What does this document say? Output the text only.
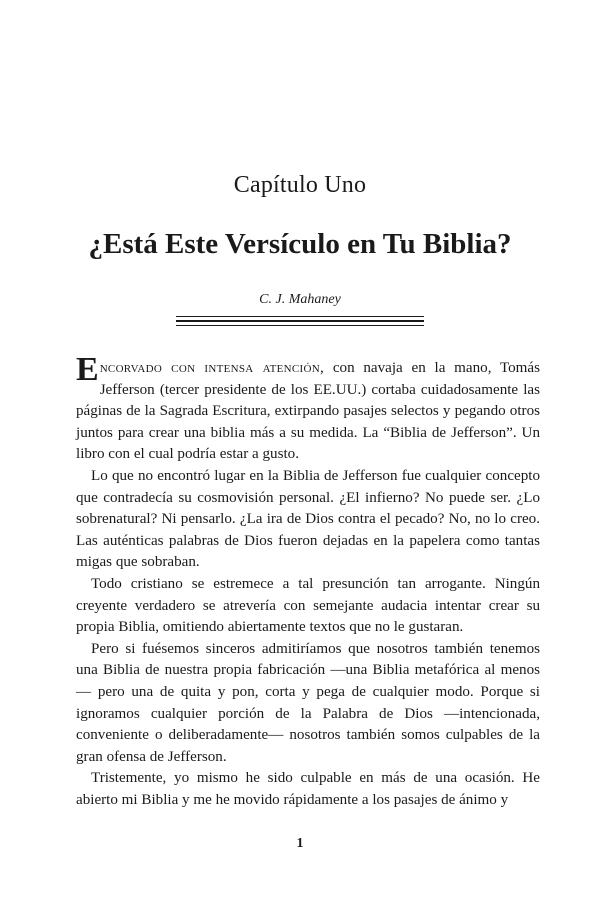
Capítulo Uno
¿Está Este Versículo en Tu Biblia?
C. J. Mahaney

Encorvado con intensa atención, con navaja en la mano, Tomás Jefferson (tercer presidente de los EE.UU.) cortaba cuidadosamente las páginas de la Sagrada Escritura, extirpando pasajes selectos y pegando otros juntos para crear una biblia más a su medida. La “Biblia de Jefferson”. Un libro con el cual podría estar a gusto.

Lo que no encontró lugar en la Biblia de Jefferson fue cualquier concepto que contradecía su cosmovisión personal. ¿El infierno? No puede ser. ¿Lo sobrenatural? Ni pensarlo. ¿La ira de Dios contra el pecado? No, no lo creo. Las auténticas palabras de Dios fueron dejadas en la papelera como tantas migas que sobraban.

Todo cristiano se estremece a tal presunción tan arrogante. Ningún creyente verdadero se atrevería con semejante audacia intentar crear su propia Biblia, omitiendo abiertamente textos que no le gustaran.

Pero si fuésemos sinceros admitiríamos que nosotros también tenemos una Biblia de nuestra propia fabricación —una Biblia metafórica al menos— pero una de quita y pon, corta y pega de cualquier modo. Porque si ignoramos cualquier porción de la Palabra de Dios —intencionada, conveniente o deliberadamente— nosotros también somos culpables de la gran ofensa de Jefferson.

Tristemente, yo mismo he sido culpable en más de una ocasión. He abierto mi Biblia y me he movido rápidamente a los pasajes de ánimo y

1
